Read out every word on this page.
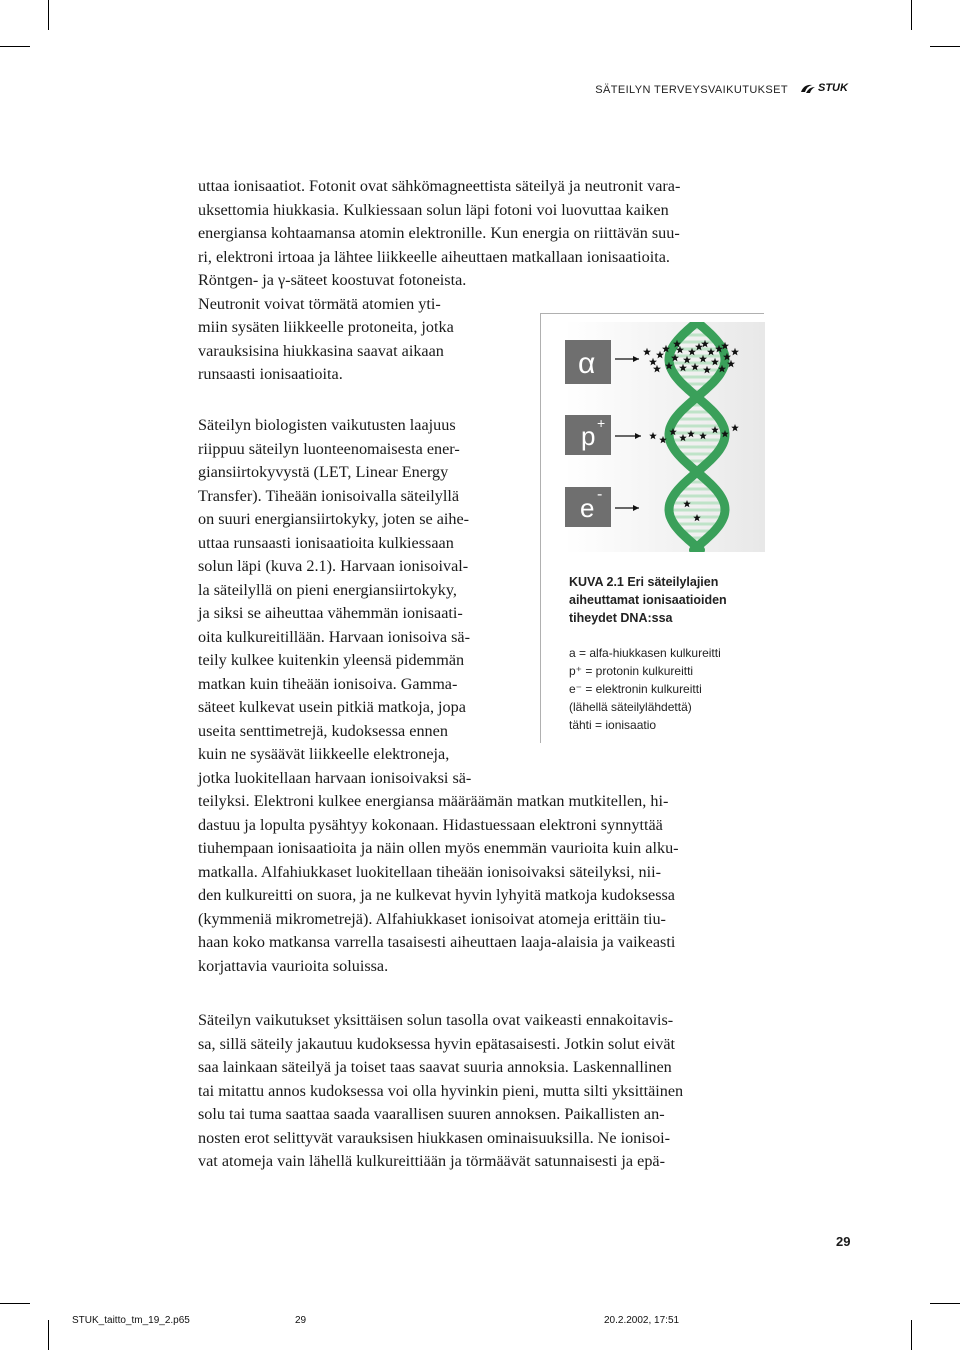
SÄTEILYN TERVEYSVAIKUTUKSET	STUK
uttaa ionisaatiot. Fotonit ovat sähkömagneettista säteilyä ja neutronit vara-
uksettomia hiukkasia. Kulkiessaan solun läpi fotoni voi luovuttaa kaiken
energiansa kohtaamansa atomin elektronille. Kun energia on riittävän suu-
ri, elektroni irtoaa ja lähtee liikkeelle aiheuttaen matkallaan ionisaatioita.
Röntgen- ja γ-säteet koostuvat fotoneista.
Neutronit voivat törmätä atomien yti-
miin sysäten liikkeelle protoneita, jotka
varauksisina hiukkasina saavat aikaan
runsaasti ionisaatioita.
Säteilyn biologisten vaikutusten laajuus
riippuu säteilyn luonteenomaisesta ener-
giansiirtokyvystä (LET, Linear Energy
Transfer). Tiheään ionisoivalla säteilyllä
on suuri energiansiirtokyky, joten se aihe-
uttaa runsaasti ionisaatioita kulkiessaan
solun läpi (kuva 2.1). Harvaan ionisoival-
la säteilyllä on pieni energiansiirtokyky,
ja siksi se aiheuttaa vähemmän ionisaati-
oita kulkureitillään. Harvaan ionisoiva sä-
teily kulkee kuitenkin yleensä pidemmän
matkan kuin tiheään ionisoiva. Gamma-
säteet kulkevat usein pitkiä matkoja, jopa
useita senttimetrejä, kudoksessa ennen
kuin ne sysäävät liikkeelle elektroneja,
jotka luokitellaan harvaan ionisoivaksi sä-
teilyksi. Elektroni kulkee energiansa määräämän matkan mutkitellen, hi-
dastuu ja lopulta pysähtyy kokonaan. Hidastuessaan elektroni synnyttää
tiuhempaan ionisaatioita ja näin ollen myös enemmän vaurioita kuin alku-
matkalla. Alfahiukkaset luokitellaan tiheään ionisoivaksi säteilyksi, nii-
den kulkureitti on suora, ja ne kulkevat hyvin lyhyitä matkoja kudoksessa
(kymmeniä mikrometrejä). Alfahiukkaset ionisoivat atomeja erittäin tiu-
haan koko matkansa varrella tasaisesti aiheuttaen laaja-alaisia ja vaikeasti
korjattavia vaurioita soluissa.
Säteilyn vaikutukset yksittäisen solun tasolla ovat vaikeasti ennakoitavis-
sa, sillä säteily jakautuu kudoksessa hyvin epätasaisesti. Jotkin solut eivät
saa lainkaan säteilyä ja toiset taas saavat suuria annoksia. Laskennallinen
tai mitattu annos kudoksessa voi olla hyvinkin pieni, mutta silti yksittäinen
solu tai tuma saattaa saada vaarallisen suuren annoksen. Paikallisten an-
nosten erot selittyvät varauksisen hiukkasen ominaisuuksilla. Ne ionisoi-
vat atomeja vain lähellä kulkureittiään ja törmäävät satunnaisesti ja epä-
α
p +
e -
KUVA 2.1 Eri säteilylajien
aiheuttamat ionisaatioiden
tiheydet DNA:ssa
a = alfa-hiukkasen kulkureitti
p⁺ = protonin kulkureitti
e⁻ = elektronin kulkureitti
(lähellä säteilylähdettä)
tähti = ionisaatio
29
STUK_taitto_tm_19_2.p65	29	20.2.2002, 17:51
